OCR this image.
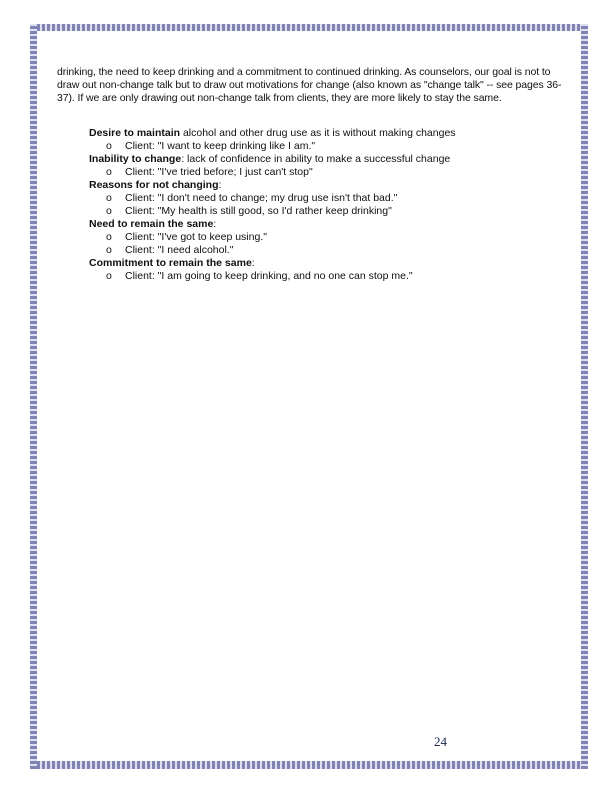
drinking, the need to keep drinking and a commitment to continued drinking. As counselors, our goal is not to draw out non-change talk but to draw out motivations for change (also known as "change talk" -- see pages 36-37). If we are only drawing out non-change talk from clients, they are more likely to stay the same.

Desire to maintain alcohol and other drug use as it is without making changes

o Client: "I want to keep drinking like I am."

Inability to change: lack of confidence in ability to make a successful change

o Client: "I've tried before; I just can't stop"

Reasons for not changing:

o Client: "I don't need to change; my drug use isn't that bad."

o Client: "My health is still good, so I'd rather keep drinking"

Need to remain the same:

o Client: "I've got to keep using."

o Client: "I need alcohol."

Commitment to remain the same:

o Client: "I am going to keep drinking, and no one can stop me."

24
